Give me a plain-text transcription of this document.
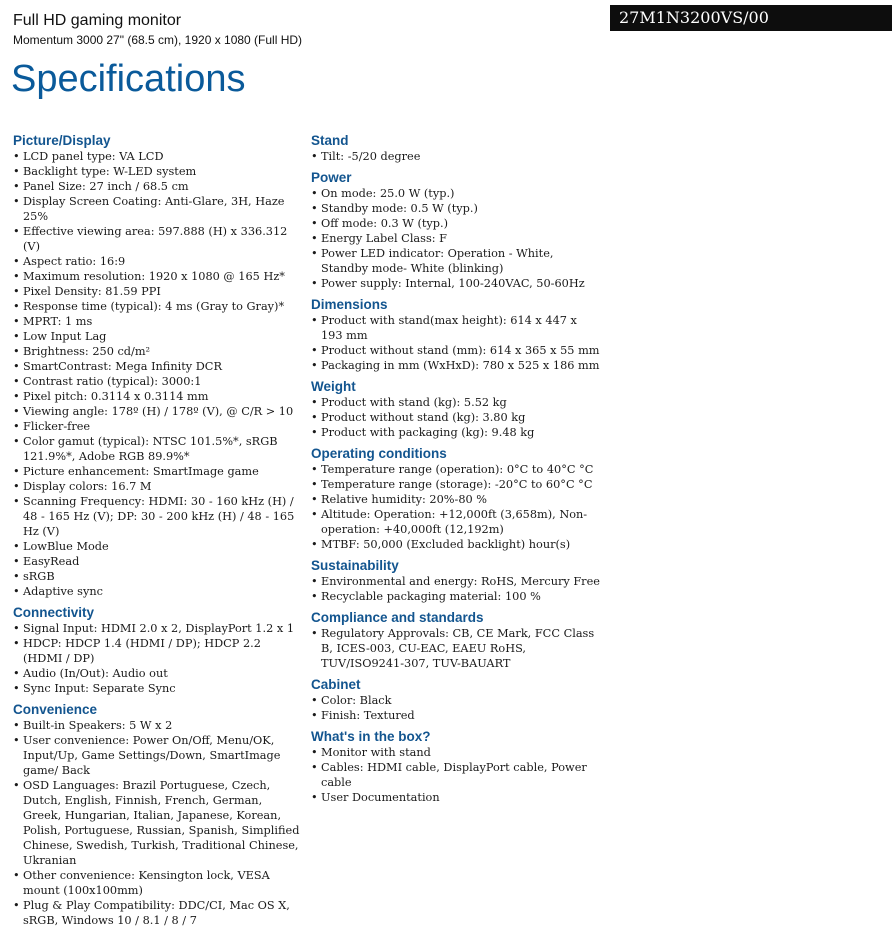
Full HD gaming monitor
Momentum 3000 27" (68.5 cm), 1920 x 1080 (Full HD)
27M1N3200VS/00
Specifications
Picture/Display
• LCD panel type: VA LCD
• Backlight type: W-LED system
• Panel Size: 27 inch / 68.5 cm
• Display Screen Coating: Anti-Glare, 3H, Haze 25%
• Effective viewing area: 597.888 (H) x 336.312 (V)
• Aspect ratio: 16:9
• Maximum resolution: 1920 x 1080 @ 165 Hz*
• Pixel Density: 81.59 PPI
• Response time (typical): 4 ms (Gray to Gray)*
• MPRT: 1 ms
• Low Input Lag
• Brightness: 250 cd/m²
• SmartContrast: Mega Infinity DCR
• Contrast ratio (typical): 3000:1
• Pixel pitch: 0.3114 x 0.3114 mm
• Viewing angle: 178º (H) / 178º (V), @ C/R > 10
• Flicker-free
• Color gamut (typical): NTSC 101.5%*, sRGB 121.9%*, Adobe RGB 89.9%*
• Picture enhancement: SmartImage game
• Display colors: 16.7 M
• Scanning Frequency: HDMI: 30 - 160 kHz (H) / 48 - 165 Hz (V); DP: 30 - 200 kHz (H) / 48 - 165 Hz (V)
• LowBlue Mode
• EasyRead
• sRGB
• Adaptive sync
Connectivity
• Signal Input: HDMI 2.0 x 2, DisplayPort 1.2 x 1
• HDCP: HDCP 1.4 (HDMI / DP); HDCP 2.2 (HDMI / DP)
• Audio (In/Out): Audio out
• Sync Input: Separate Sync
Convenience
• Built-in Speakers: 5 W x 2
• User convenience: Power On/Off, Menu/OK, Input/Up, Game Settings/Down, SmartImage game/ Back
• OSD Languages: Brazil Portuguese, Czech, Dutch, English, Finnish, French, German, Greek, Hungarian, Italian, Japanese, Korean, Polish, Portuguese, Russian, Spanish, Simplified Chinese, Swedish, Turkish, Traditional Chinese, Ukranian
• Other convenience: Kensington lock, VESA mount (100x100mm)
• Plug & Play Compatibility: DDC/CI, Mac OS X, sRGB, Windows 10 / 8.1 / 8 / 7
Stand
• Tilt: -5/20 degree
Power
• On mode: 25.0 W (typ.)
• Standby mode: 0.5 W (typ.)
• Off mode: 0.3 W (typ.)
• Energy Label Class: F
• Power LED indicator: Operation - White, Standby mode- White (blinking)
• Power supply: Internal, 100-240VAC, 50-60Hz
Dimensions
• Product with stand(max height): 614 x 447 x 193 mm
• Product without stand (mm): 614 x 365 x 55 mm
• Packaging in mm (WxHxD): 780 x 525 x 186 mm
Weight
• Product with stand (kg): 5.52 kg
• Product without stand (kg): 3.80 kg
• Product with packaging (kg): 9.48 kg
Operating conditions
• Temperature range (operation): 0°C to 40°C °C
• Temperature range (storage): -20°C to 60°C °C
• Relative humidity: 20%-80 %
• Altitude: Operation: +12,000ft (3,658m), Non-operation: +40,000ft (12,192m)
• MTBF: 50,000 (Excluded backlight) hour(s)
Sustainability
• Environmental and energy: RoHS, Mercury Free
• Recyclable packaging material: 100 %
Compliance and standards
• Regulatory Approvals: CB, CE Mark, FCC Class B, ICES-003, CU-EAC, EAEU RoHS, TUV/ISO9241-307, TUV-BAUART
Cabinet
• Color: Black
• Finish: Textured
What's in the box?
• Monitor with stand
• Cables: HDMI cable, DisplayPort cable, Power cable
• User Documentation
